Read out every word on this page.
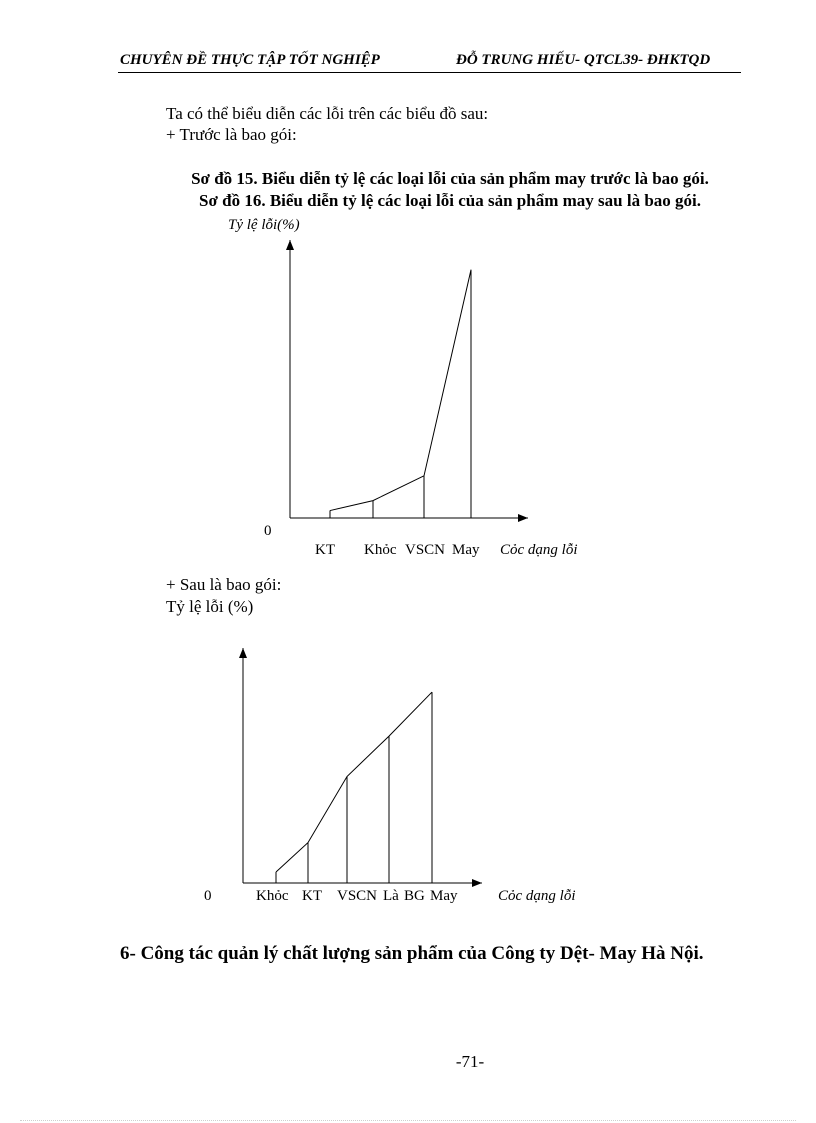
CHUYÊN ĐỀ THỰC TẬP TỐT NGHIỆP	ĐỖ TRUNG HIẾU- QTCL39- ĐHKTQD
Ta có thể biểu diễn các lỗi trên các biểu đồ sau:
+ Trước là bao gói:
Sơ đồ 15. Biểu diễn tỷ lệ các loại lỗi của sản phẩm may trước là bao gói.
Sơ đồ 16. Biểu diễn tỷ lệ các loại lỗi của sản phẩm may sau là bao gói.
+ Sau là bao gói:
Tỷ lệ lỗi (%)
Tỷ lệ lỗi(%)
0
Cỏc dạng lỗi
KT Khỏc VSCN May
0	Cỏc dạng lỗi
Khỏc KT VSCN Là BG May
6- Công tác quản lý chất lượng sản phẩm của Công ty Dệt- May Hà Nội.
-71-
